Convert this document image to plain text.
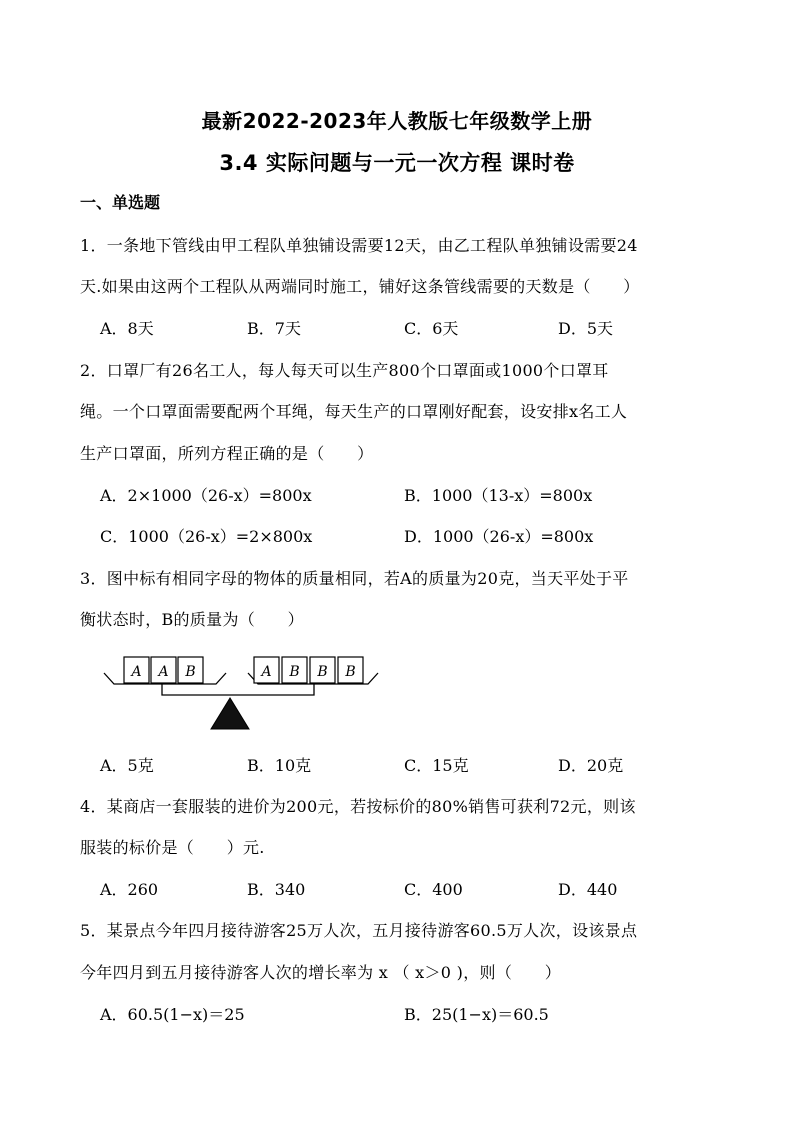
最新2022-2023年人教版七年级数学上册
3.4 实际问题与一元一次方程 课时卷
一、单选题
1．一条地下管线由甲工程队单独铺设需要12天，由乙工程队单独铺设需要24
天.如果由这两个工程队从两端同时施工，铺好这条管线需要的天数是（　　）
A．8天	B．7天	C．6天	D．5天
2．口罩厂有26名工人，每人每天可以生产800个口罩面或1000个口罩耳
绳。一个口罩面需要配两个耳绳，每天生产的口罩刚好配套，设安排x名工人
生产口罩面，所列方程正确的是（　　）
A．2×1000（26-x）=800x	B．1000（13-x）=800x
C．1000（26-x）=2×800x	D．1000（26-x）=800x
3．图中标有相同字母的物体的质量相同，若A的质量为20克，当天平处于平
衡状态时，B的质量为（　　）
A A B	A B B B
A．5克	B．10克	C．15克	D．20克
4．某商店一套服装的进价为200元，若按标价的80%销售可获利72元，则该
服装的标价是（　　）元.
A．260	B．340	C．400	D．440
5．某景点今年四月接待游客25万人次，五月接待游客60.5万人次，设该景点
今年四月到五月接待游客人次的增长率为 x （ x＞0 )，则（　　）
A．60.5(1−x)＝25	B．25(1−x)＝60.5
